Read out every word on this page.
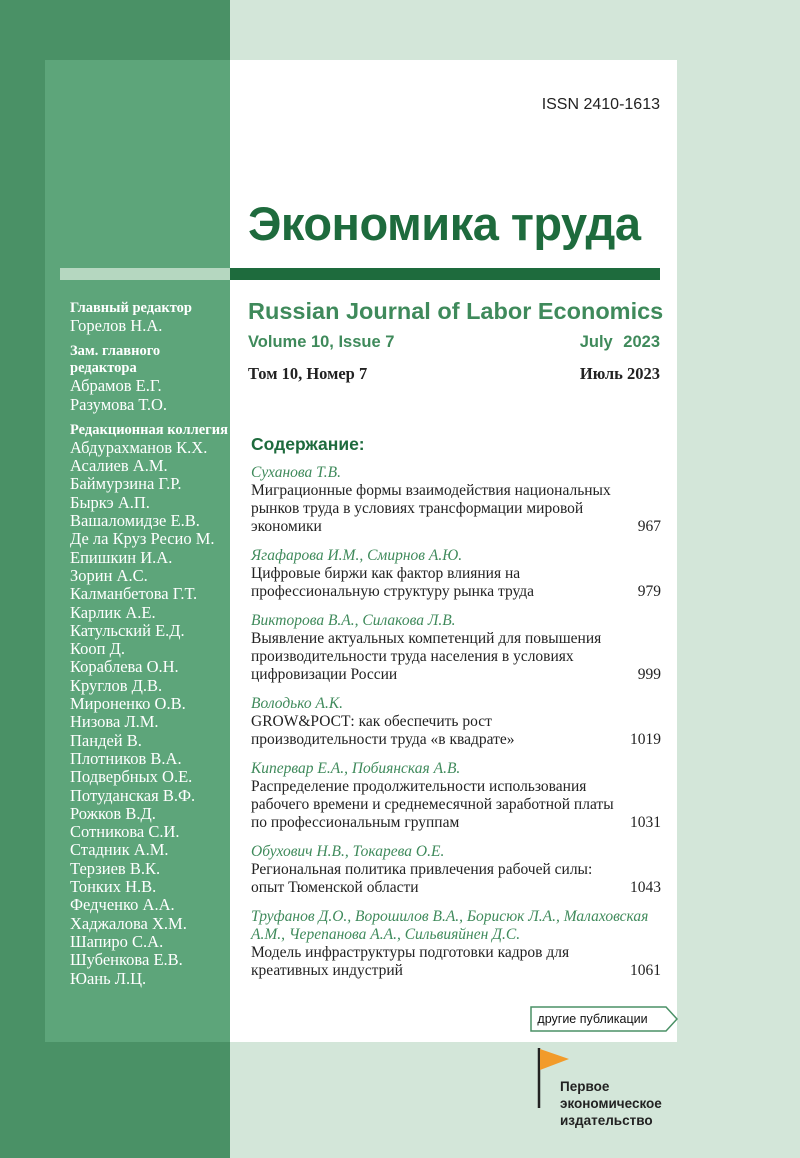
ISSN 2410-1613
Экономика труда
Russian Journal of Labor Economics
Volume 10, Issue 7	July 2023
Том 10, Номер 7	Июль 2023
Главный редактор
Горелов Н.А.
Зам. главного редактора
Абрамов Е.Г.
Разумова Т.О.
Редакционная коллегия
Абдурахманов К.Х.
Асалиев А.М.
Баймурзина Г.Р.
Быркэ А.П.
Вашаломидзе Е.В.
Де ла Круз Ресио М.
Епишкин И.А.
Зорин А.С.
Калманбетова Г.Т.
Карлик А.Е.
Катульский Е.Д.
Кооп Д.
Кораблева О.Н.
Круглов Д.В.
Мироненко О.В.
Низова Л.М.
Пандей В.
Плотников В.А.
Подвербных О.Е.
Потуданская В.Ф.
Рожков В.Д.
Сотникова С.И.
Стадник А.М.
Терзиев В.К.
Тонких Н.В.
Федченко А.А.
Хаджалова Х.М.
Шапиро С.А.
Шубенкова Е.В.
Юань Л.Ц.
Содержание:
Суханова Т.В.
Миграционные формы взаимодействия национальных рынков труда в условиях трансформации мировой экономики	967
Ягафарова И.М., Смирнов А.Ю.
Цифровые биржи как фактор влияния на профессиональную структуру рынка труда	979
Викторова В.А., Силакова Л.В.
Выявление актуальных компетенций для повышения производительности труда населения в условиях цифровизации России	999
Володько А.К.
GROW&РОСТ: как обеспечить рост производительности труда «в квадрате»	1019
Кипервар Е.А., Побиянская А.В.
Распределение продолжительности использования рабочего времени и среднемесячной заработной платы по профессиональным группам	1031
Обухович Н.В., Токарева О.Е.
Региональная политика привлечения рабочей силы: опыт Тюменской области	1043
Труфанов Д.О., Ворошилов В.А., Борисюк Л.А., Малаховская А.М., Черепанова А.А., Сильвияйнен Д.С.
Модель инфраструктуры подготовки кадров для креативных индустрий	1061
другие публикации
Первое
экономическое
издательство
